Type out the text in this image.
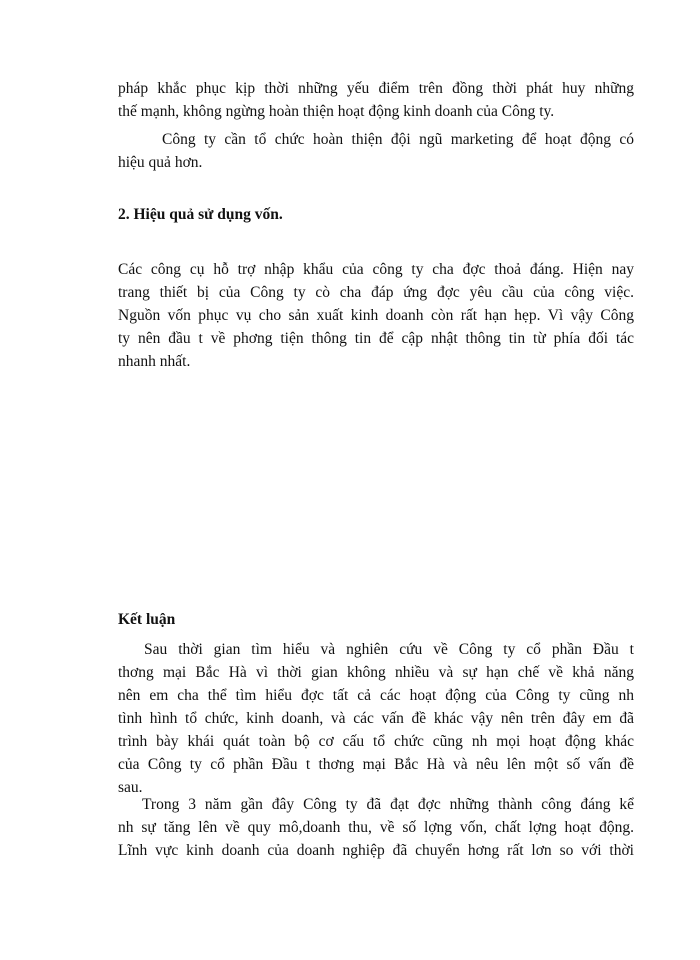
pháp khắc phục kịp thời những yếu điểm trên đồng thời phát huy những

thế mạnh, không ngừng hoàn thiện hoạt động kinh doanh của Công ty.

Công ty cần tổ chức hoàn thiện đội ngũ marketing để hoạt động có

hiệu quả hơn.

2. Hiệu quả sử dụng vốn.

Các công cụ hỗ trợ nhập khẩu của công ty cha đợc thoả đáng. Hiện nay

trang thiết bị của Công ty cò cha đáp ứng đợc yêu cầu của công việc.

Nguồn vốn phục vụ cho sản xuất kinh doanh còn rất hạn hẹp. Vì vậy Công

ty nên đầu t về phơng tiện thông tin để cập nhật thông tin từ phía đối tác

nhanh nhất.

Kết luận

Sau thời gian tìm hiểu và nghiên cứu về Công ty cổ phần Đầu t

thơng mại Bắc Hà vì thời gian không nhiều và sự hạn chế về khả năng

nên em cha thể tìm hiểu đợc tất cả các hoạt động của Công ty cũng nh

tình hình tổ chức, kinh doanh, và các vấn đề khác vậy nên trên đây em đã

trình bày khái quát toàn bộ cơ cấu tổ chức cũng nh mọi hoạt động khác

của Công ty cổ phần Đầu t thơng mại Bắc Hà và nêu lên một số vấn đề

sau.

Trong 3 năm gần đây Công ty đã đạt đợc những thành công đáng kể

nh sự tăng lên về quy mô,doanh thu, về số lợng vốn, chất lợng hoạt động.

Lĩnh vực kinh doanh của doanh nghiệp đã chuyển hơng rất lơn so với thời
